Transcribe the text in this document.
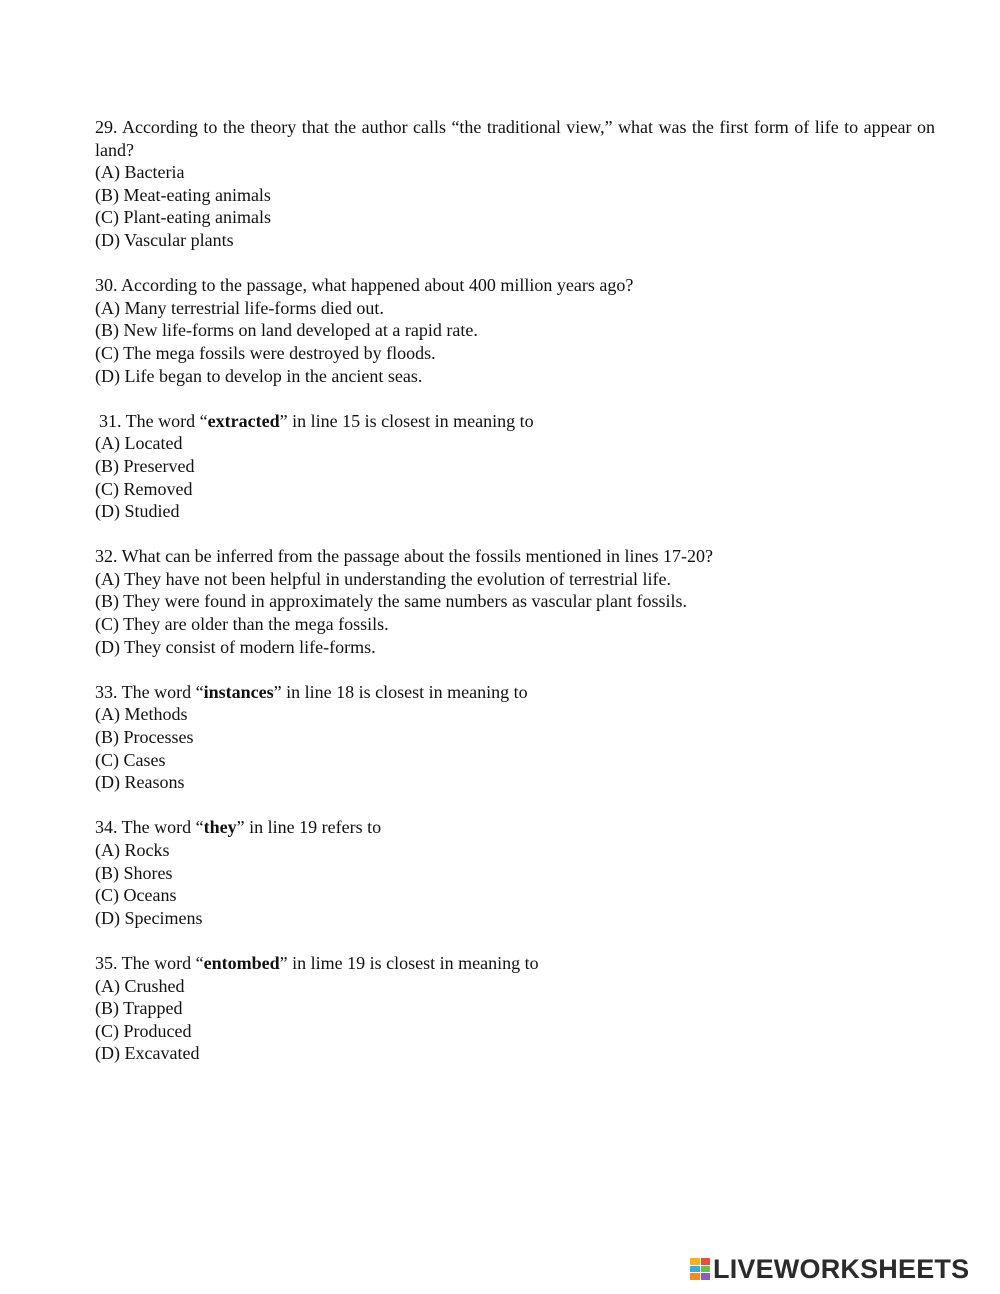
29. According to the theory that the author calls “the traditional view,” what was the first form of life to appear on land?
(A) Bacteria
(B) Meat-eating animals
(C) Plant-eating animals
(D) Vascular plants
30. According to the passage, what happened about 400 million years ago?
(A) Many terrestrial life-forms died out.
(B) New life-forms on land developed at a rapid rate.
(C) The mega fossils were destroyed by floods.
(D) Life began to develop in the ancient seas.
31. The word “extracted” in line 15 is closest in meaning to
(A) Located
(B) Preserved
(C) Removed
(D) Studied
32. What can be inferred from the passage about the fossils mentioned in lines 17-20?
(A) They have not been helpful in understanding the evolution of terrestrial life.
(B) They were found in approximately the same numbers as vascular plant fossils.
(C) They are older than the mega fossils.
(D) They consist of modern life-forms.
33. The word “instances” in line 18 is closest in meaning to
(A) Methods
(B) Processes
(C) Cases
(D) Reasons
34. The word “they” in line 19 refers to
(A) Rocks
(B) Shores
(C) Oceans
(D) Specimens
35. The word “entombed” in lime 19 is closest in meaning to
(A) Crushed
(B) Trapped
(C) Produced
(D) Excavated
LIVEWORKSHEETS
